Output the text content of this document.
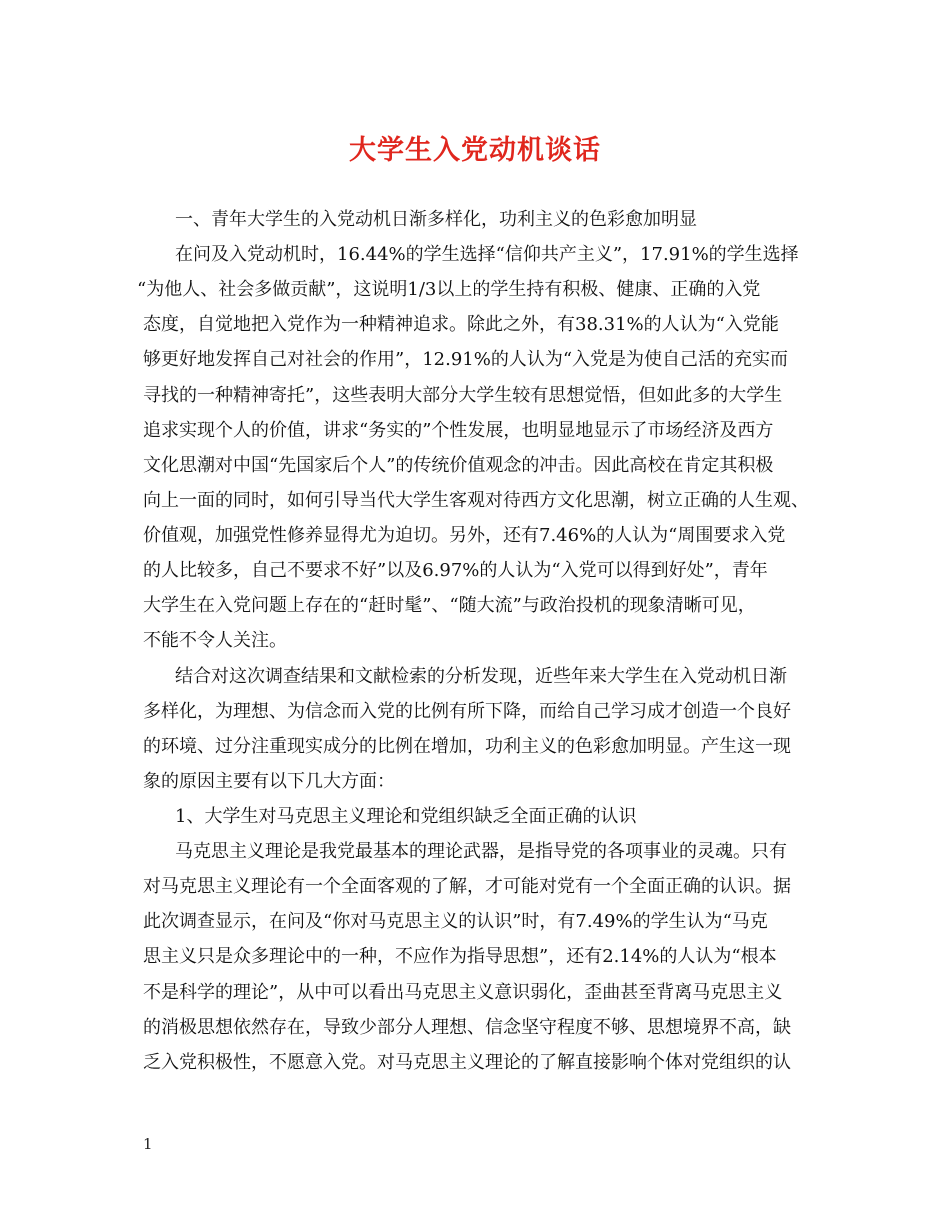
大学生入党动机谈话
一、青年大学生的入党动机日渐多样化，功利主义的色彩愈加明显
在问及入党动机时，16.44%的学生选择“信仰共产主义”，17.91%的学生选择
“为他人、社会多做贡献”，这说明1/3以上的学生持有积极、健康、正确的入党
态度，自觉地把入党作为一种精神追求。除此之外，有38.31%的人认为“入党能
够更好地发挥自己对社会的作用”，12.91%的人认为“入党是为使自己活的充实而
寻找的一种精神寄托”，这些表明大部分大学生较有思想觉悟，但如此多的大学生
追求实现个人的价值，讲求“务实的”个性发展，也明显地显示了市场经济及西方
文化思潮对中国“先国家后个人”的传统价值观念的冲击。因此高校在肯定其积极
向上一面的同时，如何引导当代大学生客观对待西方文化思潮，树立正确的人生观、
价值观，加强党性修养显得尤为迫切。另外，还有7.46%的人认为“周围要求入党
的人比较多，自己不要求不好”以及6.97%的人认为“入党可以得到好处”，青年
大学生在入党问题上存在的“赶时髦”、“随大流”与政治投机的现象清晰可见，
不能不令人关注。
结合对这次调查结果和文献检索的分析发现，近些年来大学生在入党动机日渐
多样化，为理想、为信念而入党的比例有所下降，而给自己学习成才创造一个良好
的环境、过分注重现实成分的比例在增加，功利主义的色彩愈加明显。产生这一现
象的原因主要有以下几大方面：
1、大学生对马克思主义理论和党组织缺乏全面正确的认识
马克思主义理论是我党最基本的理论武器，是指导党的各项事业的灵魂。只有
对马克思主义理论有一个全面客观的了解，才可能对党有一个全面正确的认识。据
此次调查显示，在问及“你对马克思主义的认识”时，有7.49%的学生认为“马克
思主义只是众多理论中的一种，不应作为指导思想”，还有2.14%的人认为“根本
不是科学的理论”，从中可以看出马克思主义意识弱化，歪曲甚至背离马克思主义
的消极思想依然存在，导致少部分人理想、信念坚守程度不够、思想境界不高，缺
乏入党积极性，不愿意入党。对马克思主义理论的了解直接影响个体对党组织的认
1
